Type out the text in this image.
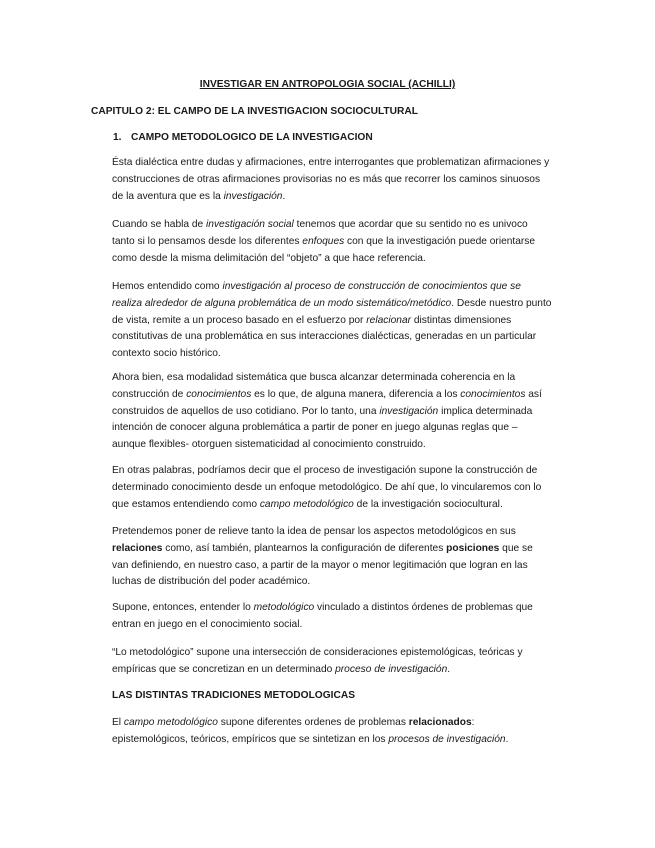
INVESTIGAR EN ANTROPOLOGIA SOCIAL (ACHILLI)
CAPITULO 2: EL CAMPO DE LA INVESTIGACION SOCIOCULTURAL
1. CAMPO METODOLOGICO DE LA INVESTIGACION
Ésta dialéctica entre dudas y afirmaciones, entre interrogantes que problematizan afirmaciones y construcciones de otras afirmaciones provisorias no es más que recorrer los caminos sinuosos de la aventura que es la investigación.
Cuando se habla de investigación social tenemos que acordar que su sentido no es univoco tanto si lo pensamos desde los diferentes enfoques con que la investigación puede orientarse como desde la misma delimitación del “objeto” a que hace referencia.
Hemos entendido como investigación al proceso de construcción de conocimientos que se realiza alrededor de alguna problemática de un modo sistemático/metódico. Desde nuestro punto de vista, remite a un proceso basado en el esfuerzo por relacionar distintas dimensiones constitutivas de una problemática en sus interacciones dialécticas, generadas en un particular contexto socio histórico.
Ahora bien, esa modalidad sistemática que busca alcanzar determinada coherencia en la construcción de conocimientos es lo que, de alguna manera, diferencia a los conocimientos así construidos de aquellos de uso cotidiano. Por lo tanto, una investigación implica determinada intención de conocer alguna problemática a partir de poner en juego algunas reglas que – aunque flexibles- otorguen sistematicidad al conocimiento construido.
En otras palabras, podríamos decir que el proceso de investigación supone la construcción de determinado conocimiento desde un enfoque metodológico. De ahí que, lo vincularemos con lo que estamos entendiendo como campo metodológico de la investigación sociocultural.
Pretendemos poner de relieve tanto la idea de pensar los aspectos metodológicos en sus relaciones como, así también, plantearnos la configuración de diferentes posiciones que se van definiendo, en nuestro caso, a partir de la mayor o menor legitimación que logran en las luchas de distribución del poder académico.
Supone, entonces, entender lo metodológico vinculado a distintos órdenes de problemas que entran en juego en el conocimiento social.
“Lo metodológico” supone una intersección de consideraciones epistemológicas, teóricas y empíricas que se concretizan en un determinado proceso de investigación.
LAS DISTINTAS TRADICIONES METODOLOGICAS
El campo metodológico supone diferentes ordenes de problemas relacionados: epistemológicos, teóricos, empíricos que se sintetizan en los procesos de investigación.
